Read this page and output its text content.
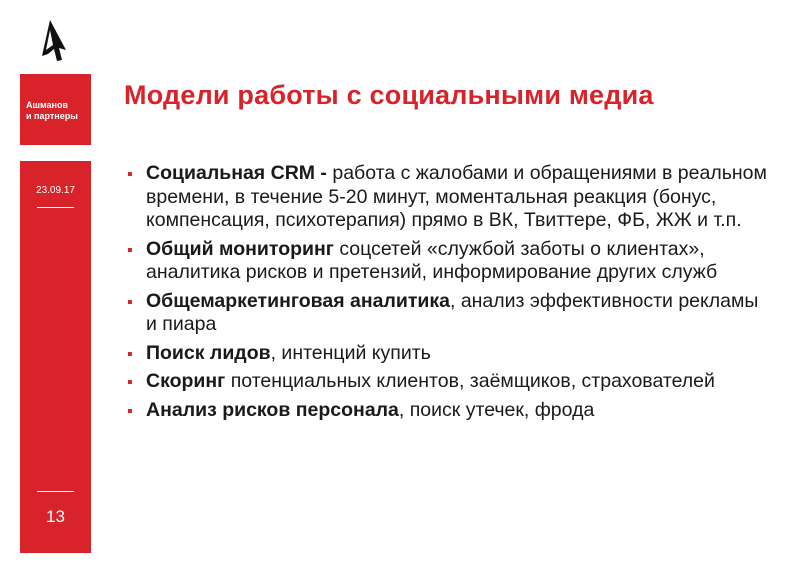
Ашманов
и партнеры
23.09.17
13
Модели работы с социальными медиа
▪ Социальная CRM - работа с жалобами и обращениями в реальном времени, в течение 5-20 минут, моментальная реакция (бонус, компенсация, психотерапия) прямо в ВК, Твиттере, ФБ, ЖЖ и т.п.
▪ Общий мониторинг соцсетей «службой заботы о клиентах», аналитика рисков и претензий, информирование других служб
▪ Общемаркетинговая аналитика, анализ эффективности рекламы и пиара
▪ Поиск лидов, интенций купить
▪ Скоринг потенциальных клиентов, заёмщиков, страхователей
▪ Анализ рисков персонала, поиск утечек, фрода
